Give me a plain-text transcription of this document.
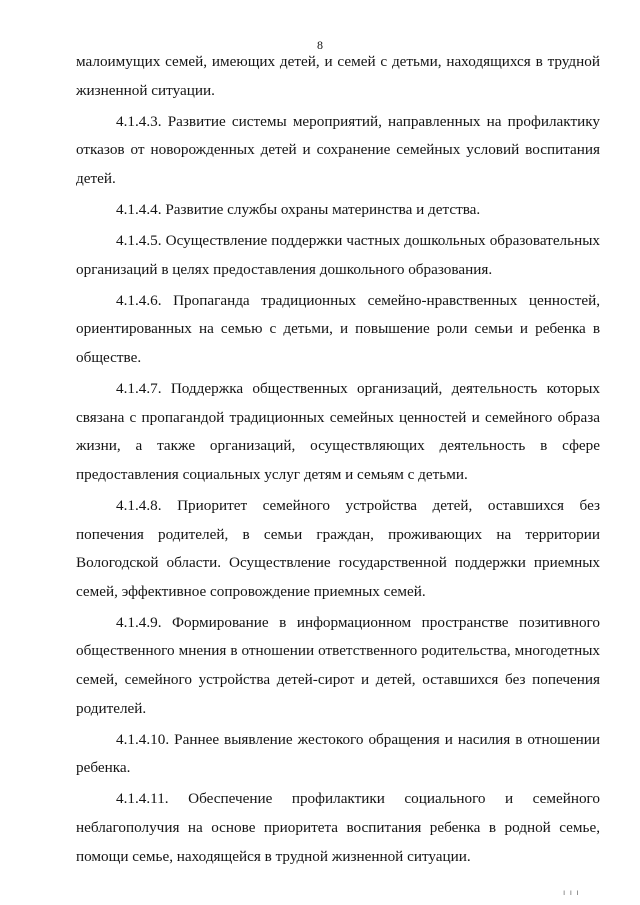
8

малоимущих семей, имеющих детей, и семей с детьми, находящихся в трудной жизненной ситуации.

4.1.4.3. Развитие системы мероприятий, направленных на профилактику отказов от новорожденных детей и сохранение семейных условий воспитания детей.

4.1.4.4. Развитие службы охраны материнства и детства.

4.1.4.5. Осуществление поддержки частных дошкольных образовательных организаций в целях предоставления дошкольного образования.

4.1.4.6. Пропаганда традиционных семейно-нравственных ценностей, ориентированных на семью с детьми, и повышение роли семьи и ребенка в обществе.

4.1.4.7. Поддержка общественных организаций, деятельность которых связана с пропагандой традиционных семейных ценностей и семейного образа жизни, а также организаций, осуществляющих деятельность в сфере предоставления социальных услуг детям и семьям с детьми.

4.1.4.8. Приоритет семейного устройства детей, оставшихся без попечения родителей, в семьи граждан, проживающих на территории Вологодской области. Осуществление государственной поддержки приемных семей, эффективное сопровождение приемных семей.

4.1.4.9. Формирование в информационном пространстве позитивного общественного мнения в отношении ответственного родительства, многодетных семей, семейного устройства детей-сирот и детей, оставшихся без попечения родителей.

4.1.4.10. Раннее выявление жестокого обращения и насилия в отношении ребенка.

4.1.4.11. Обеспечение профилактики социального и семейного неблагополучия на основе приоритета воспитания ребенка в родной семье, помощи семье, находящейся в трудной жизненной ситуации.

ı ı ı
